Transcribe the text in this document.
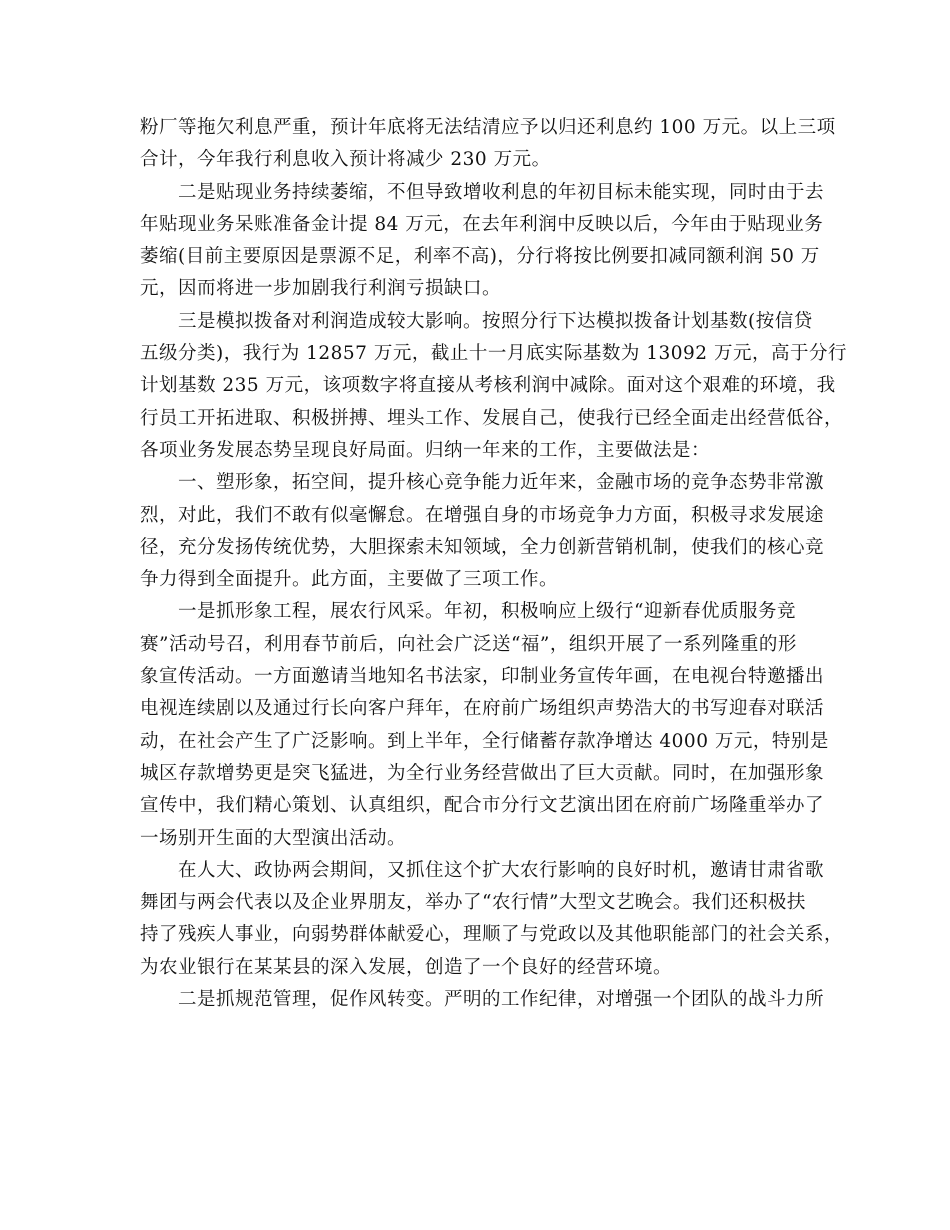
粉厂等拖欠利息严重，预计年底将无法结清应予以归还利息约 100 万元。以上三项
合计，今年我行利息收入预计将减少 230 万元。

二是贴现业务持续萎缩，不但导致增收利息的年初目标未能实现，同时由于去
年贴现业务呆账准备金计提 84 万元，在去年利润中反映以后，今年由于贴现业务
萎缩(目前主要原因是票源不足，利率不高)，分行将按比例要扣减同额利润 50 万
元，因而将进一步加剧我行利润亏损缺口。

三是模拟拨备对利润造成较大影响。按照分行下达模拟拨备计划基数(按信贷
五级分类)，我行为 12857 万元，截止十一月底实际基数为 13092 万元，高于分行
计划基数 235 万元，该项数字将直接从考核利润中减除。面对这个艰难的环境，我
行员工开拓进取、积极拼搏、埋头工作、发展自己，使我行已经全面走出经营低谷，
各项业务发展态势呈现良好局面。归纳一年来的工作，主要做法是：

一、塑形象，拓空间，提升核心竞争能力近年来，金融市场的竞争态势非常激
烈，对此，我们不敢有似毫懈怠。在增强自身的市场竞争力方面，积极寻求发展途
径，充分发扬传统优势，大胆探索未知领域，全力创新营销机制，使我们的核心竞
争力得到全面提升。此方面，主要做了三项工作。

一是抓形象工程，展农行风采。年初，积极响应上级行“迎新春优质服务竞
赛”活动号召，利用春节前后，向社会广泛送“福”，组织开展了一系列隆重的形
象宣传活动。一方面邀请当地知名书法家，印制业务宣传年画，在电视台特邀播出
电视连续剧以及通过行长向客户拜年，在府前广场组织声势浩大的书写迎春对联活
动，在社会产生了广泛影响。到上半年，全行储蓄存款净增达 4000 万元，特别是
城区存款增势更是突飞猛进，为全行业务经营做出了巨大贡献。同时，在加强形象
宣传中，我们精心策划、认真组织，配合市分行文艺演出团在府前广场隆重举办了
一场别开生面的大型演出活动。

在人大、政协两会期间，又抓住这个扩大农行影响的良好时机，邀请甘肃省歌
舞团与两会代表以及企业界朋友，举办了“农行情”大型文艺晚会。我们还积极扶
持了残疾人事业，向弱势群体献爱心，理顺了与党政以及其他职能部门的社会关系，
为农业银行在某某县的深入发展，创造了一个良好的经营环境。

二是抓规范管理，促作风转变。严明的工作纪律，对增强一个团队的战斗力所
